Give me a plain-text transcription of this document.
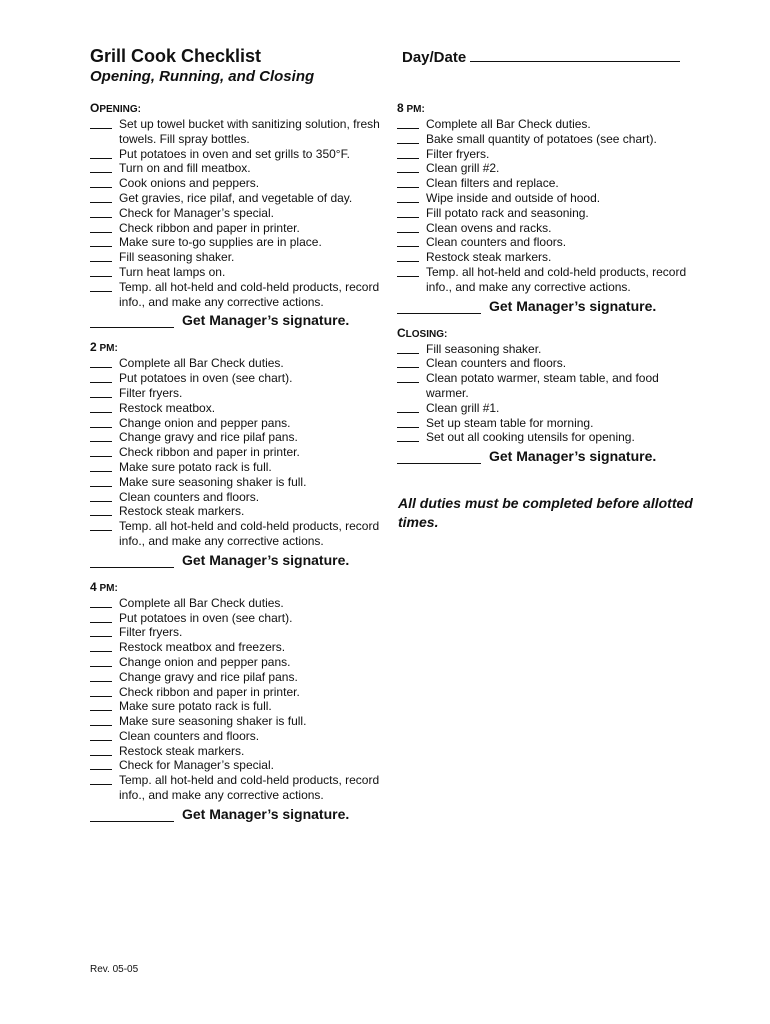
Grill Cook Checklist
Opening, Running, and Closing
Day/Date
OPENING:
Set up towel bucket with sanitizing solution, fresh towels. Fill spray bottles.
Put potatoes in oven and set grills to 350°F.
Turn on and fill meatbox.
Cook onions and peppers.
Get gravies, rice pilaf, and vegetable of day.
Check for Manager’s special.
Check ribbon and paper in printer.
Make sure to-go supplies are in place.
Fill seasoning shaker.
Turn heat lamps on.
Temp. all hot-held and cold-held products, record info., and make any corrective actions.
Get Manager’s signature.
2 PM:
Complete all Bar Check duties.
Put potatoes in oven (see chart).
Filter fryers.
Restock meatbox.
Change onion and pepper pans.
Change gravy and rice pilaf pans.
Check ribbon and paper in printer.
Make sure potato rack is full.
Make sure seasoning shaker is full.
Clean counters and floors.
Restock steak markers.
Temp. all hot-held and cold-held products, record info., and make any corrective actions.
Get Manager’s signature.
4 PM:
Complete all Bar Check duties.
Put potatoes in oven (see chart).
Filter fryers.
Restock meatbox and freezers.
Change onion and pepper pans.
Change gravy and rice pilaf pans.
Check ribbon and paper in printer.
Make sure potato rack is full.
Make sure seasoning shaker is full.
Clean counters and floors.
Restock steak markers.
Check for Manager’s special.
Temp. all hot-held and cold-held products, record info., and make any corrective actions.
Get Manager’s signature.
8 PM:
Complete all Bar Check duties.
Bake small quantity of potatoes (see chart).
Filter fryers.
Clean grill #2.
Clean filters and replace.
Wipe inside and outside of hood.
Fill potato rack and seasoning.
Clean ovens and racks.
Clean counters and floors.
Restock steak markers.
Temp. all hot-held and cold-held products, record info., and make any corrective actions.
Get Manager’s signature.
CLOSING:
Fill seasoning shaker.
Clean counters and floors.
Clean potato warmer, steam table, and food warmer.
Clean grill #1.
Set up steam table for morning.
Set out all cooking utensils for opening.
Get Manager’s signature.
All duties must be completed before allotted times.
Rev. 05-05
